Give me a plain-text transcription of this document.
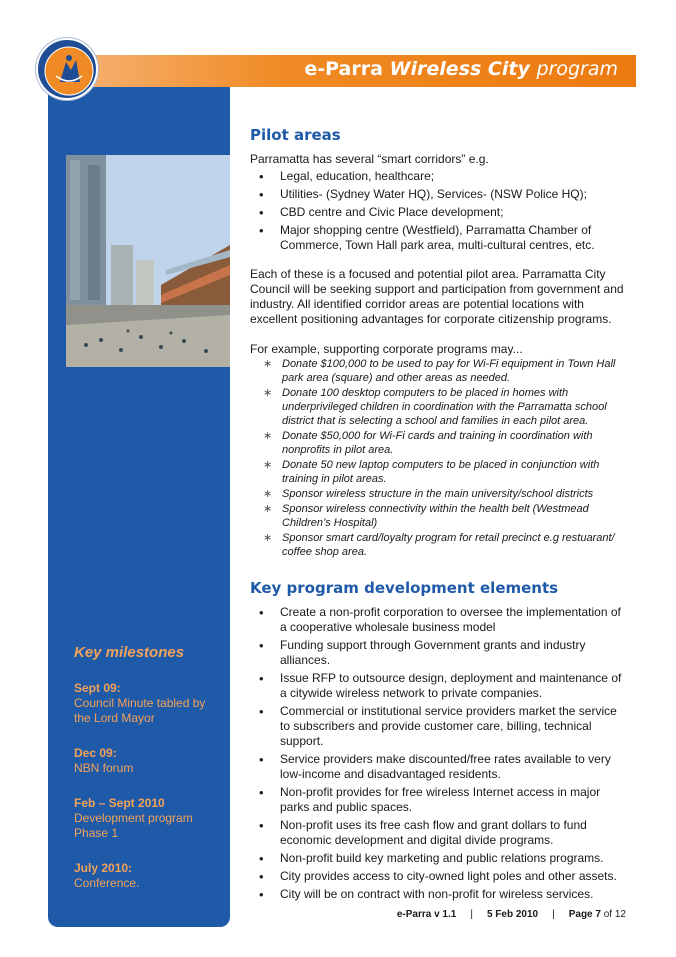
e-Parra Wireless City program
Key milestones
Sept 09:
Council Minute tabled by the Lord Mayor
Dec 09:
NBN forum
Feb – Sept 2010
Development program Phase 1
July 2010:
Conference.
Pilot areas
Parramatta has several “smart corridors” e.g.
• Legal, education, healthcare;
• Utilities- (Sydney Water HQ), Services- (NSW Police HQ);
• CBD centre and Civic Place development;
• Major shopping centre (Westfield), Parramatta Chamber of Commerce, Town Hall park area, multi-cultural centres, etc.
Each of these is a focused and potential pilot area. Parramatta City Council will be seeking support and participation from government and industry. All identified corridor areas are potential locations with excellent positioning advantages for corporate citizenship programs.
For example, supporting corporate programs may...
∗ Donate $100,000 to be used to pay for Wi-Fi equipment in Town Hall park area (square) and other areas as needed.
∗ Donate 100 desktop computers to be placed in homes with underprivileged children in coordination with the Parramatta school district that is selecting a school and families in each pilot area.
∗ Donate $50,000 for Wi-Fi cards and training in coordination with nonprofits in pilot area.
∗ Donate 50 new laptop computers to be placed in conjunction with training in pilot areas.
∗ Sponsor wireless structure in the main university/school districts
∗ Sponsor wireless connectivity within the health belt (Westmead Children’s Hospital)
∗ Sponsor smart card/loyalty program for retail precinct e.g restuarant/ coffee shop area.
Key program development elements
• Create a non-profit corporation to oversee the implementation of a cooperative wholesale business model
• Funding support through Government grants and industry alliances.
• Issue RFP to outsource design, deployment and maintenance of a citywide wireless network to private companies.
• Commercial or institutional service providers market the service to subscribers and provide customer care, billing, technical support.
• Service providers make discounted/free rates available to very low-income and disadvantaged residents.
• Non-profit provides for free wireless Internet access in major parks and public spaces.
• Non-profit uses its free cash flow and grant dollars to fund economic development and digital divide programs.
• Non-profit build key marketing and public relations programs.
• City provides access to city-owned light poles and other assets.
• City will be on contract with non-profit for wireless services.
e-Parra v 1.1 | 5 Feb 2010 | Page 7 of 12
